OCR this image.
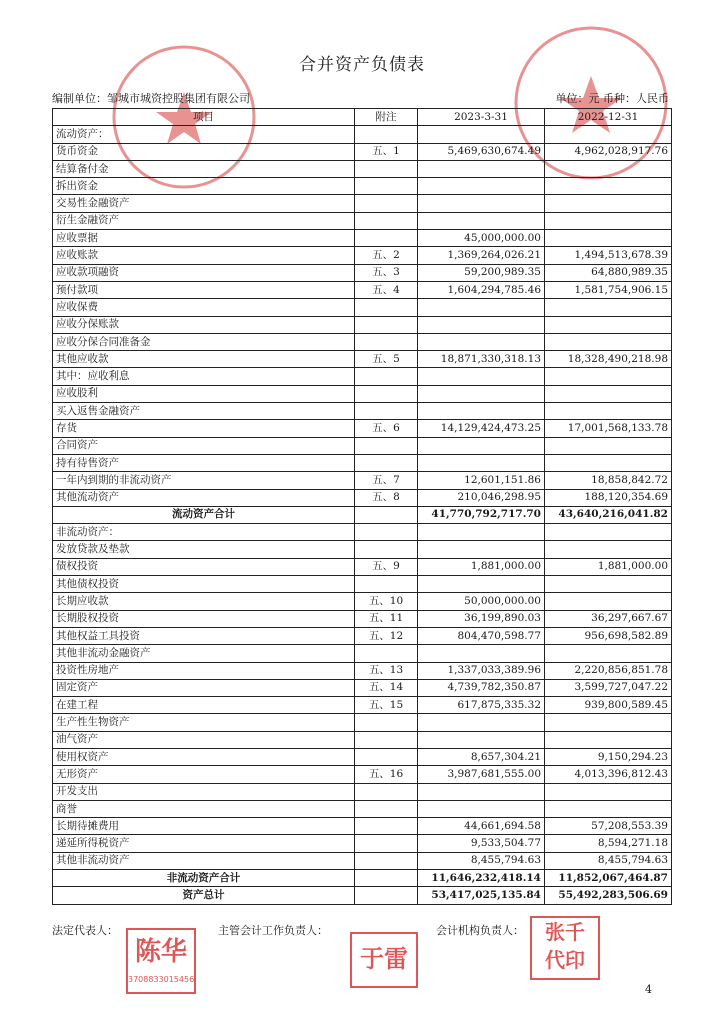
合并资产负债表
编制单位：邹城市城资控股集团有限公司	单位：元 币种：人民币
项目	附注	2023-3-31	2022-12-31
流动资产：			
货币资金	五、1	5,469,630,674.49	4,962,028,917.76
结算备付金			
拆出资金			
交易性金融资产			
衍生金融资产			
应收票据		45,000,000.00	
应收账款	五、2	1,369,264,026.21	1,494,513,678.39
应收款项融资	五、3	59,200,989.35	64,880,989.35
预付款项	五、4	1,604,294,785.46	1,581,754,906.15
应收保费			
应收分保账款			
应收分保合同准备金			
其他应收款	五、5	18,871,330,318.13	18,328,490,218.98
其中：应收利息			
应收股利			
买入返售金融资产			
存货	五、6	14,129,424,473.25	17,001,568,133.78
合同资产			
持有待售资产			
一年内到期的非流动资产	五、7	12,601,151.86	18,858,842.72
其他流动资产	五、8	210,046,298.95	188,120,354.69
流动资产合计		41,770,792,717.70	43,640,216,041.82
非流动资产：			
发放贷款及垫款			
债权投资	五、9	1,881,000.00	1,881,000.00
其他债权投资			
长期应收款	五、10	50,000,000.00	
长期股权投资	五、11	36,199,890.03	36,297,667.67
其他权益工具投资	五、12	804,470,598.77	956,698,582.89
其他非流动金融资产			
投资性房地产	五、13	1,337,033,389.96	2,220,856,851.78
固定资产	五、14	4,739,782,350.87	3,599,727,047.22
在建工程	五、15	617,875,335.32	939,800,589.45
生产性生物资产			
油气资产			
使用权资产		8,657,304.21	9,150,294.23
无形资产	五、16	3,987,681,555.00	4,013,396,812.43
开发支出			
商誉			
长期待摊费用		44,661,694.58	57,208,553.39
递延所得税资产		9,533,504.77	8,594,271.18
其他非流动资产		8,455,794.63	8,455,794.63
非流动资产合计		11,646,232,418.14	11,852,067,464.87
资产总计		53,417,025,135.84	55,492,283,506.69
法定代表人：	主管会计工作负责人：	会计机构负责人：
陈华
3708833015456
于雷
张千 代印
4
